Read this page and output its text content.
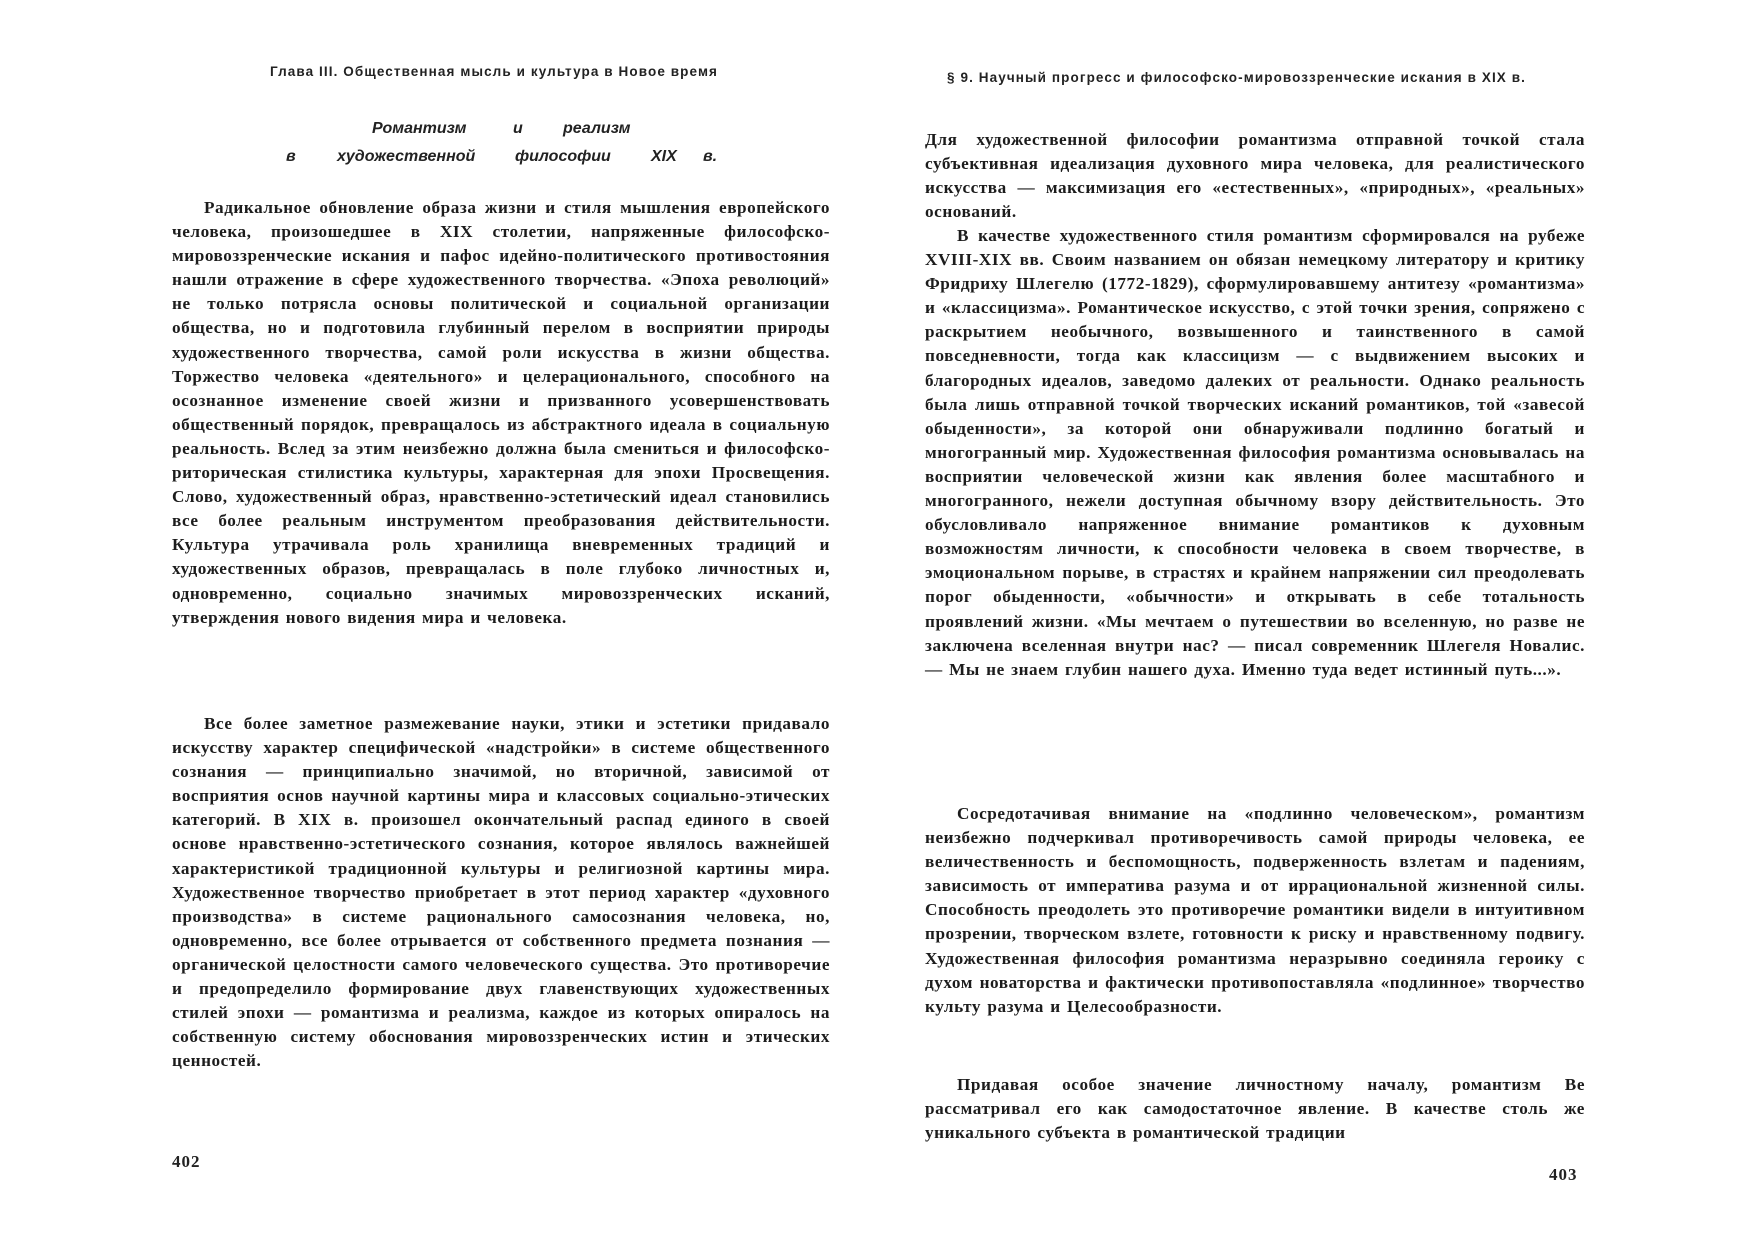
Глава III. Общественная мысль и культура в Новое время
Романтизм	и	реализм
в	художественной философии	XIX в.

Радикальное обновление образа жизни и стиля мышления европейского человека, произошедшее в XIX столетии, напряженные философско-мировоззренческие искания и пафос идейно-политического противостояния нашли отражение в сфере художественного творчества. «Эпоха революций» не только потрясла основы политической и социальной организации общества, но и подготовила глубинный перелом в восприятии природы художественного творчества, самой роли искусства в жизни общества. Торжество человека «деятельного» и целерационального, способного на осознанное изменение своей жизни и призванного усовершенствовать общественный порядок, превращалось из абстрактного идеала в социальную реальность. Вслед за этим неизбежно должна была смениться и философско-риторическая стилистика культуры, характерная для эпохи Просвещения. Слово, художественный образ, нравственно-эстетический идеал становились все более реальным инструментом преобразования действительности. Культура утрачивала роль хранилища вневременных традиций и художественных образов, превращалась в поле глубоко личностных и, одновременно, социально значимых мировоззренческих исканий, утверждения нового видения мира и человека.

Все более заметное размежевание науки, этики и эстетики придавало искусству характер специфической «надстройки» в системе общественного сознания — принципиально значимой, но вторичной, зависимой от восприятия основ научной картины мира и классовых социально-этических категорий. В XIX в. произошел окончательный распад единого в своей основе нравственно-эстетического сознания, которое являлось важнейшей характеристикой традиционной культуры и религиозной картины мира. Художественное творчество приобретает в этот период характер «духовного производства» в системе рационального самосознания человека, но, одновременно, все более отрывается от собственного предмета познания — органической целостности самого человеческого существа. Это противоречие и предопределило формирование двух главенствующих художественных стилей эпохи — романтизма и реализма, каждое из которых опиралось на собственную систему обоснования мировоззренческих истин и этических ценностей.

402
§ 9. Научный прогресс и философско-мировоззренческие искания в XIX в.

Для художественной философии романтизма отправной точкой стала субъективная идеализация духовного мира человека, для реалистического искусства — максимизация его «естественных», «природных», «реальных» оснований.

В качестве художественного стиля романтизм сформировался на рубеже XVIII-XIX вв. Своим названием он обязан немецкому литератору и критику Фридриху Шлегелю (1772-1829), сформулировавшему антитезу «романтизма» и «классицизма». Романтическое искусство, с этой точки зрения, сопряжено с раскрытием необычного, возвышенного и таинственного в самой повседневности, тогда как классицизм — с выдвижением высоких и благородных идеалов, заведомо далеких от реальности. Однако реальность была лишь отправной точкой творческих исканий романтиков, той «завесой обыденности», за которой они обнаруживали подлинно богатый и многогранный мир. Художественная философия романтизма основывалась на восприятии человеческой жизни как явления более масштабного и многогранного, нежели доступная обычному взору действительность. Это обусловливало напряженное внимание романтиков к духовным возможностям личности, к способности человека в своем творчестве, в эмоциональном порыве, в страстях и крайнем напряжении сил преодолевать порог обыденности, «обычности» и открывать в себе тотальность проявлений жизни. «Мы мечтаем о путешествии во вселенную, но разве не заключена вселенная внутри нас? — писал современник Шлегеля Новалис. — Мы не знаем глубин нашего духа. Именно туда ведет истинный путь...».

Сосредотачивая внимание на «подлинно человеческом», романтизм неизбежно подчеркивал противоречивость самой природы человека, ее величественность и беспомощность, подверженность взлетам и падениям, зависимость от императива разума и от иррациональной жизненной силы. Способность преодолеть это противоречие романтики видели в интуитивном прозрении, творческом взлете, готовности к риску и нравственному подвигу. Художественная философия романтизма неразрывно соединяла героику с духом новаторства и фактически противопоставляла «подлинное» творчество культу разума и Целесообразности.

Придавая особое значение личностному началу, романтизм Ве рассматривал его как самодостаточное явление. В качестве столь же уникального субъекта в романтической традиции

403
